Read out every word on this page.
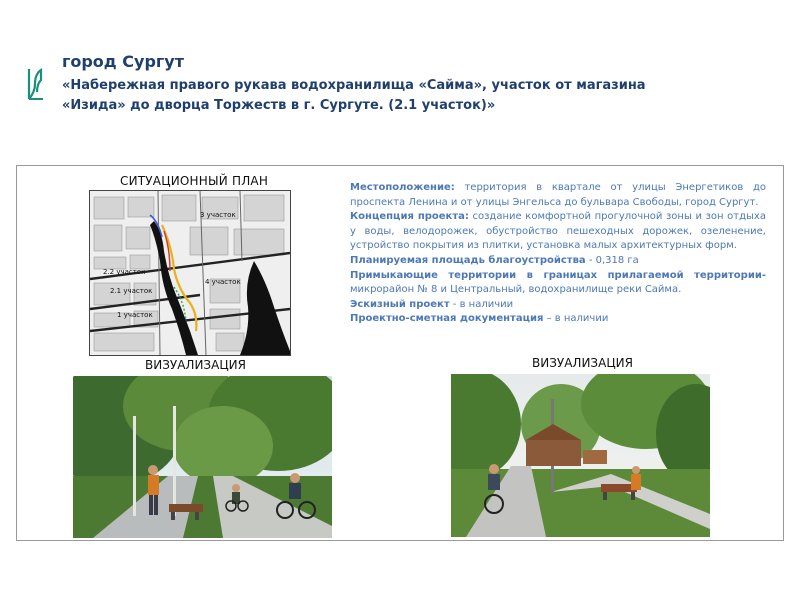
город Сургут
«Набережная правого рукава водохранилища «Сайма», участок от магазина
«Изида» до дворца Торжеств в г. Сургуте. (2.1 участок)»
СИТУАЦИОННЫЙ ПЛАН
3 участок
2.2 участок
2.1 участок
4 участок
1 участок

Местоположение: территория в квартале от улицы Энергетиков до проспекта Ленина и от улицы Энгельса до бульвара Свободы, город Сургут.

Концепция проекта: создание комфортной прогулочной зоны и зон отдыха у воды, велодорожек, обустройство пешеходных дорожек, озеленение, устройство покрытия из плитки, установка малых архитектурных форм.

Планируемая площадь благоустройства - 0,318 га

Примыкающие территории в границах прилагаемой территории- микрорайон № 8 и Центральный, водохранилище реки Сайма.

Эскизный проект - в наличии

Проектно-сметная документация – в наличии

ВИЗУАЛИЗАЦИЯ	ВИЗУАЛИЗАЦИЯ
